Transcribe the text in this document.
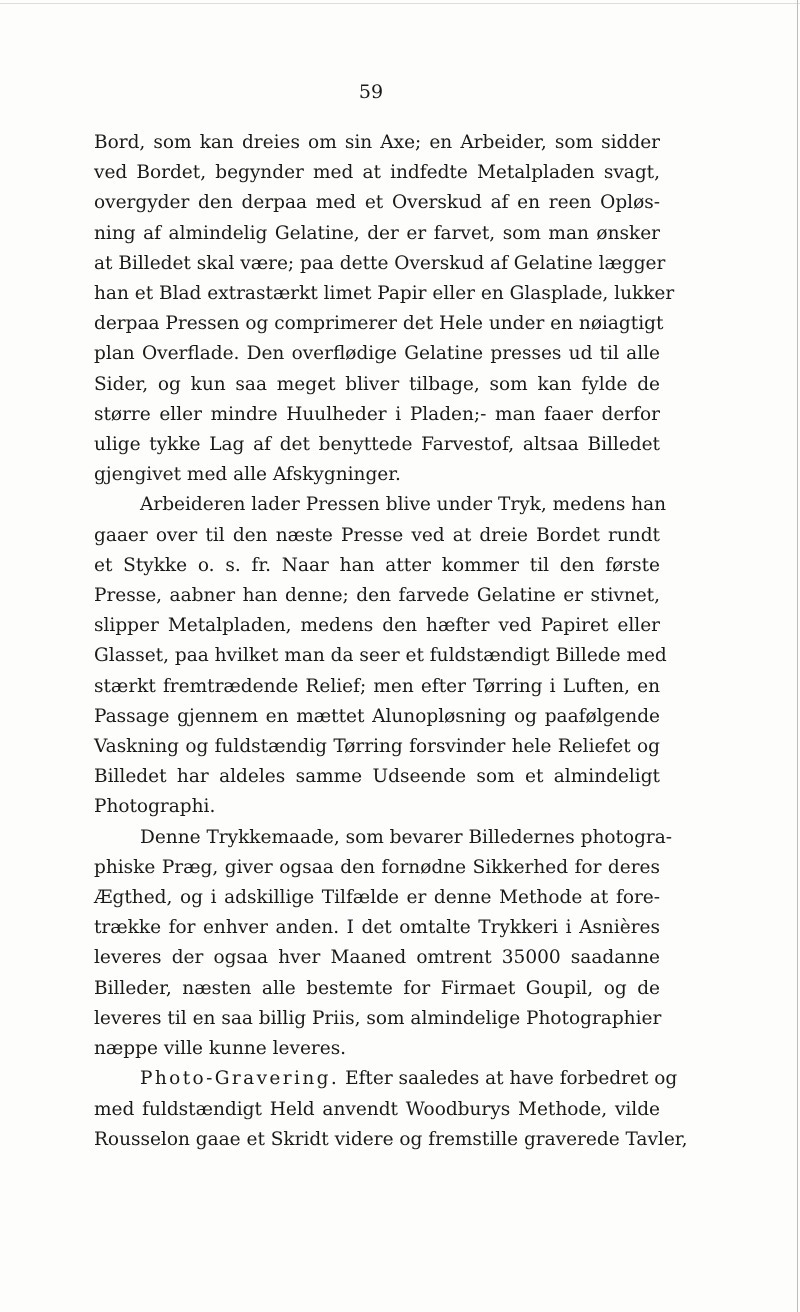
59
Bord, som kan dreies om sin Axe; en Arbeider, som sidder
ved Bordet, begynder med at indfedte Metalpladen svagt,
overgyder den derpaa med et Overskud af en reen Opløs-
ning af almindelig Gelatine, der er farvet, som man ønsker
at Billedet skal være; paa dette Overskud af Gelatine lægger
han et Blad extrastærkt limet Papir eller en Glasplade, lukker
derpaa Pressen og comprimerer det Hele under en nøiagtigt
plan Overflade. Den overflødige Gelatine presses ud til alle
Sider, og kun saa meget bliver tilbage, som kan fylde de
større eller mindre Huulheder i Pladen;- man faaer derfor
ulige tykke Lag af det benyttede Farvestof, altsaa Billedet
gjengivet med alle Afskygninger.
Arbeideren lader Pressen blive under Tryk, medens han
gaaer over til den næste Presse ved at dreie Bordet rundt
et Stykke o. s. fr. Naar han atter kommer til den første
Presse, aabner han denne; den farvede Gelatine er stivnet,
slipper Metalpladen, medens den hæfter ved Papiret eller
Glasset, paa hvilket man da seer et fuldstændigt Billede med
stærkt fremtrædende Relief; men efter Tørring i Luften, en
Passage gjennem en mættet Alunopløsning og paafølgende
Vaskning og fuldstændig Tørring forsvinder hele Reliefet og
Billedet har aldeles samme Udseende som et almindeligt
Photographi.
Denne Trykkemaade, som bevarer Billedernes photogra-
phiske Præg, giver ogsaa den fornødne Sikkerhed for deres
Ægthed, og i adskillige Tilfælde er denne Methode at fore-
trække for enhver anden. I det omtalte Trykkeri i Asnières
leveres der ogsaa hver Maaned omtrent 35000 saadanne
Billeder, næsten alle bestemte for Firmaet Goupil, og de
leveres til en saa billig Priis, som almindelige Photographier
næppe ville kunne leveres.
Photo-Gravering. Efter saaledes at have forbedret og
med fuldstændigt Held anvendt Woodburys Methode, vilde
Rousselon gaae et Skridt videre og fremstille graverede Tavler,
